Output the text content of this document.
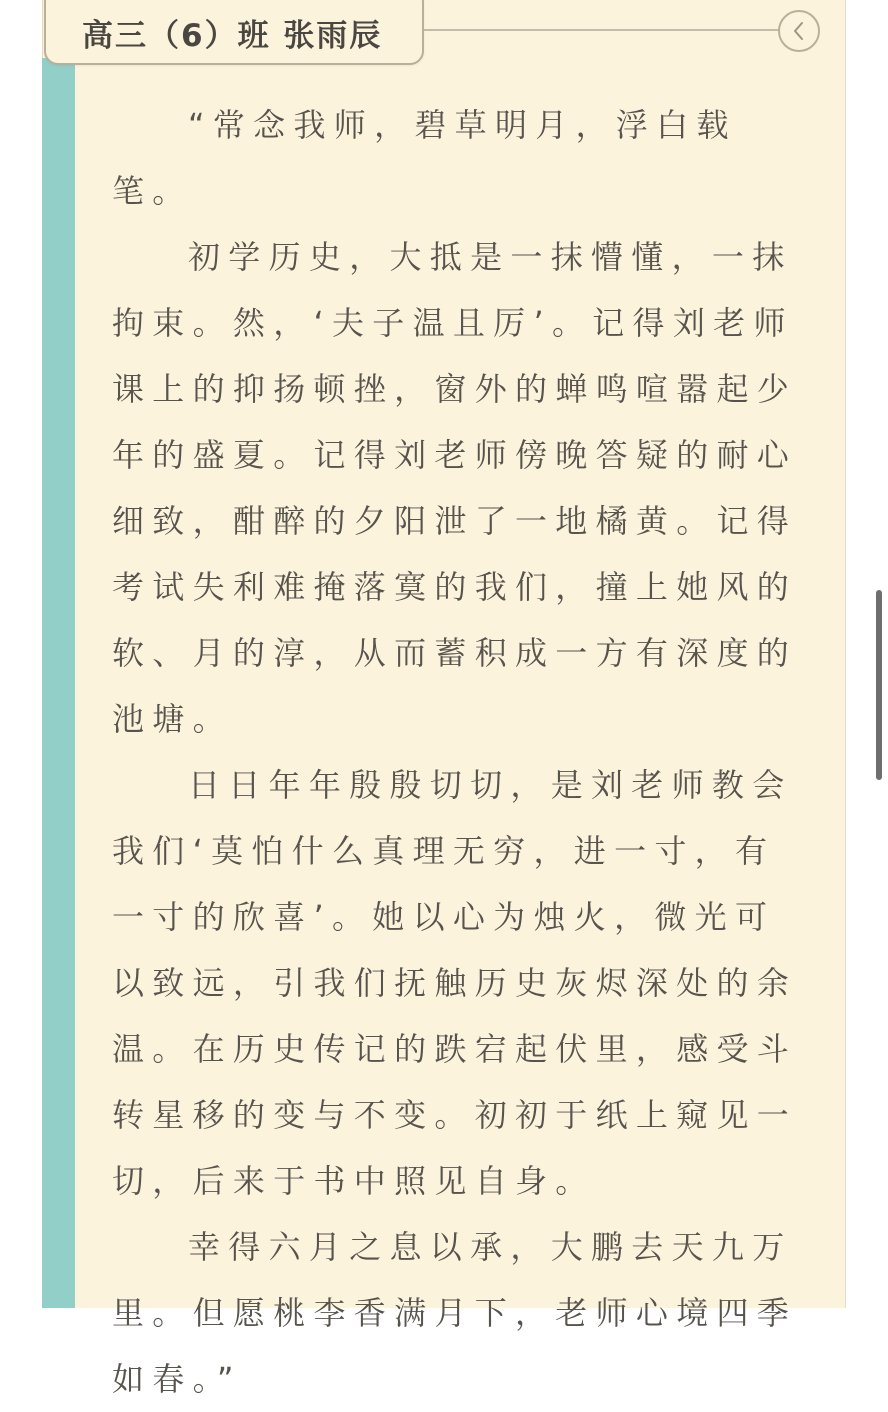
高三（6）班 张雨辰

“常念我师，碧草明月，浮白载笔。

初学历史，大抵是一抹懵懂，一抹拘束。然，‘夫子温且厉’。记得刘老师课上的抑扬顿挫，窗外的蝉鸣喧嚣起少年的盛夏。记得刘老师傍晚答疑的耐心细致，酣醉的夕阳泄了一地橘黄。记得考试失利难掩落寞的我们，撞上她风的软、月的淳，从而蓄积成一方有深度的池塘。

日日年年殷殷切切，是刘老师教会我们‘莫怕什么真理无穷，进一寸，有一寸的欣喜’。她以心为烛火，微光可以致远，引我们抚触历史灰烬深处的余温。在历史传记的跌宕起伏里，感受斗转星移的变与不变。初初于纸上窥见一切，后来于书中照见自身。

幸得六月之息以承，大鹏去天九万里。但愿桃李香满月下，老师心境四季如春。”
